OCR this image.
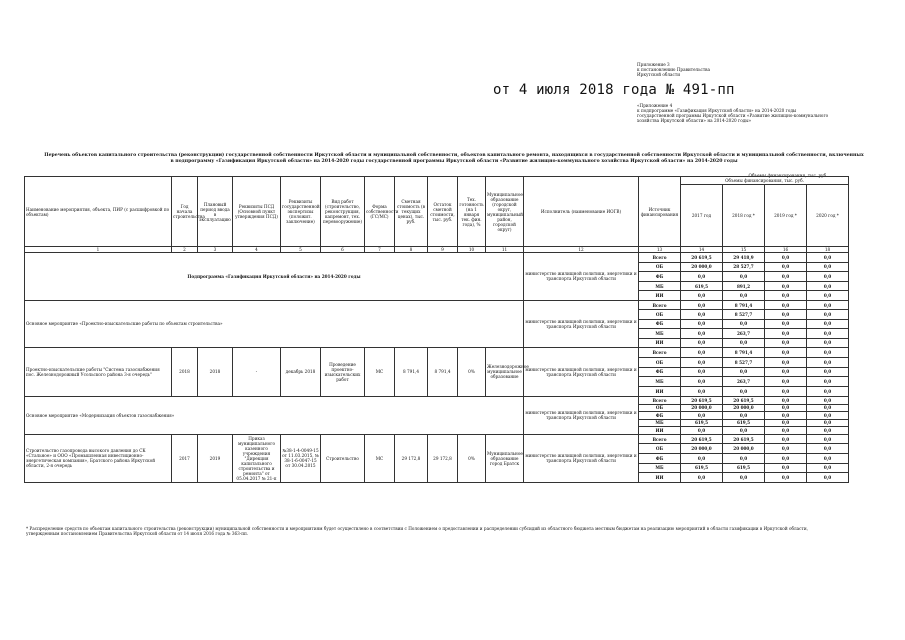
Приложение 3
к постановлению Правительства
Иркутской области
от 4 июля 2018 года № 491-пп
«Приложение 4
к подпрограмме «Газификация Иркутской области» на 2014-2020 годы
государственной программы Иркутской области «Развитие жилищно-коммунального
хозяйства Иркутской области» на 2014-2020 годы»
Перечень объектов капитального строительства (реконструкции) государственной собственности Иркутской области и муниципальной собственности, объектов капитального ремонта, находящихся в государственной собственности Иркутской области и муниципальной собственности, включенных
в подпрограмму «Газификация Иркутской области» на 2014-2020 годы государственной программы Иркутской области «Развитие жилищно-коммунального хозяйства Иркутской области» на 2014-2020 годы
Объемы финансирования, тыс. руб.
Наименование мероприятия, объекта, ПИР (с расшифровкой по объектам)	Год начала строительства	Плановый период ввода в эксплуатацию	Реквизиты ПСД (Основной пункт утверждения ПСД)	Реквизиты государственной экспертизы (положит. заключение)	Вид работ (строительство, реконструкция, капремонт, тех. перевооружение)	Форма собственности (ГС/МС)	Сметная стоимость (в текущих ценах), тыс. руб.	Остаток сметной стоимости, тыс. руб.	Тех. готовность (на 1 января тек. фин. года), %	Муниципальное образование (городской округ, муниципальный район, городской округ)	Исполнитель (наименование ИОГВ)	Источник финансирования	Объемы финансирования, тыс. руб.			
													2017 год	2018 год *	2019 год *	2020 год *
1	2	3	4	5	6	7	8	9	10	11	12	13	14	15	16	18
Подпрограмма «Газификация Иркутской области» на 2014-2020 годы											министерство жилищной политики, энергетики и транспорта Иркутской области	Всего	20 619,5	29 418,9	0,0	0,0
												ОБ	20 000,0	28 527,7	0,0	0,0
												ФБ	0,0	0,0	0,0	0,0
												МБ	619,5	891,2	0,0	0,0
												ИИ	0,0	0,0	0,0	0,0
Основное мероприятие «Проектно-изыскательские работы по объектам строительства»											министерство жилищной политики, энергетики и транспорта Иркутской области	Всего	0,0	8 791,4	0,0	0,0
												ОБ	0,0	8 527,7	0,0	0,0
												ФБ	0,0	0,0	0,0	0,0
												МБ	0,0	263,7	0,0	0,0
												ИИ	0,0	0,0	0,0	0,0
Проектно-изыскательские работы "Система газоснабжения пос. Железнодорожный Усольского района 3-я очередь"	2018	2018	-	декабрь 2018	Проведение проектно-изыскательских работ	МС	8 791,4	8 791,4	0%	Железнодорожное муниципальное образование	министерство жилищной политики, энергетики и транспорта Иркутской области	Всего	0,0	8 791,4	0,0	0,0
												ОБ	0,0	8 527,7	0,0	0,0
												ФБ	0,0	0,0	0,0	0,0
												МБ	0,0	263,7	0,0	0,0
												ИИ	0,0	0,0	0,0	0,0
Основное мероприятие «Модернизация объектов газоснабжения»											министерство жилищной политики, энергетики и транспорта Иркутской области	Всего	20 619,5	20 619,5	0,0	0,0
												ОБ	20 000,0	20 000,0	0,0	0,0
												ФБ	0,0	0,0	0,0	0,0
												МБ	619,5	619,5	0,0	0,0
												ИИ	0,0	0,0	0,0	0,0
Строительство газопровода высокого давления до СК «Стальное» и ООО «Промышленная инвестиционно-энергетическая компания», Братского района Иркутской области, 2-я очередь	2017	2019	Приказ муниципального казенного учреждения "Дирекция капитального строительства и ремонта" от 05.04.2017 № 21-п	№38-1-4-0049-15 от 11.03.2015, № 38-1-6-0047-15 от 30.04.2015	Строительство	МС	29 172,8	29 172,8	0%	Муниципальное образование город Братск	министерство жилищной политики, энергетики и транспорта Иркутской области	Всего	20 619,5	20 619,5	0,0	0,0
												ОБ	20 000,0	20 000,0	0,0	0,0
												ФБ	0,0	0,0	0,0	0,0
												МБ	619,5	619,5	0,0	0,0
												ИИ	0,0	0,0	0,0	0,0
* Распределение средств по объектам капитального строительства (реконструкции) муниципальной собственности и мероприятиям будет осуществлено в соответствии с Положением о предоставлении и распределении субсидий из областного бюджета местным бюджетам на реализацию мероприятий в области газификации в Иркутской области,
утвержденным постановлением Правительства Иркутской области от 14 июля 2016 года № 363-пп.
